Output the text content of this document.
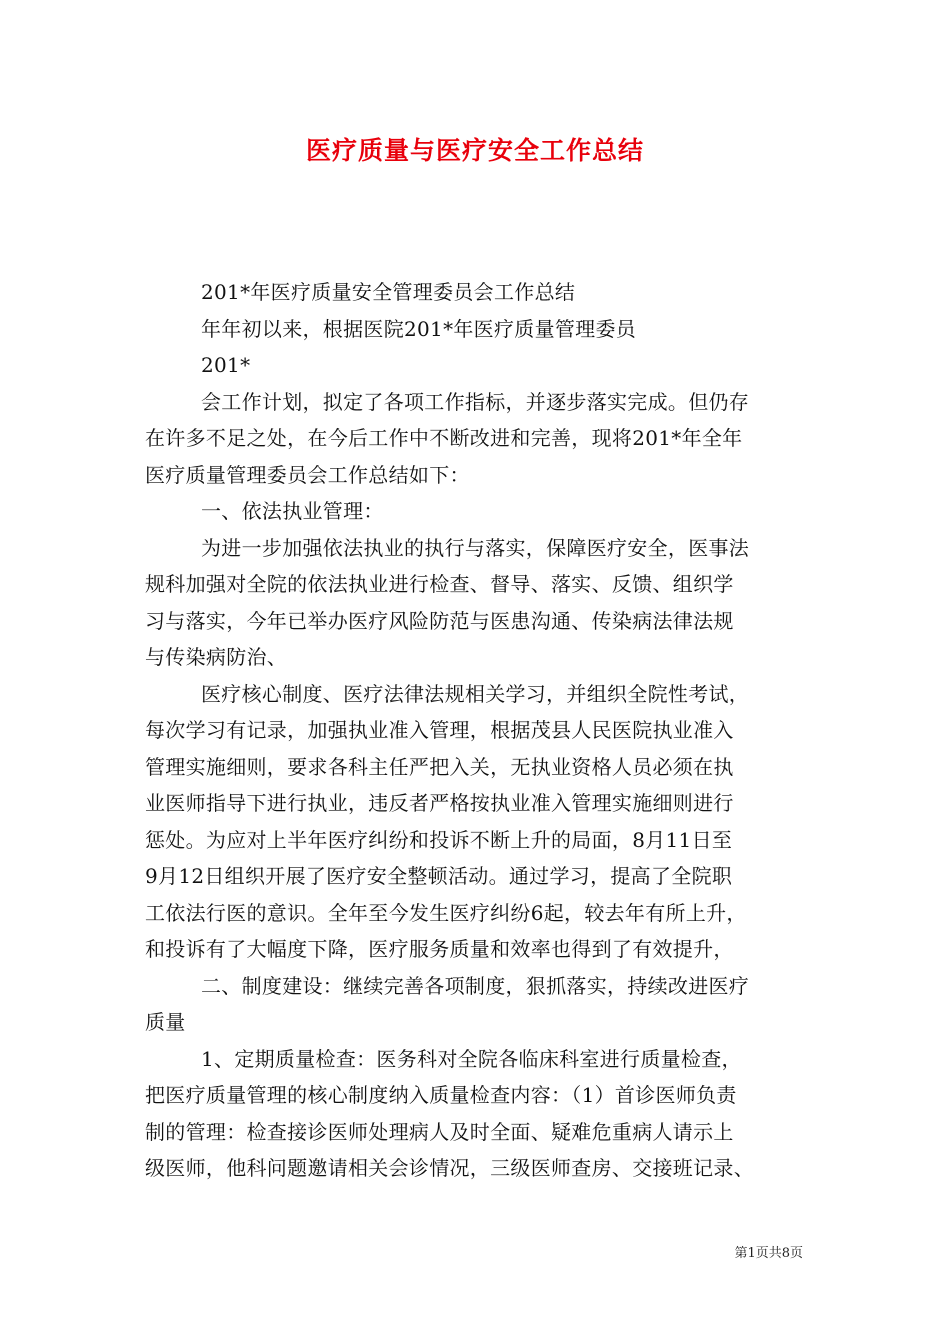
医疗质量与医疗安全工作总结
201*年医疗质量安全管理委员会工作总结
年年初以来，根据医院201*年医疗质量管理委员
201*
会工作计划，拟定了各项工作指标，并逐步落实完成。但仍存
在许多不足之处，在今后工作中不断改进和完善，现将201*年全年
医疗质量管理委员会工作总结如下：
一、依法执业管理：
为进一步加强依法执业的执行与落实，保障医疗安全，医事法
规科加强对全院的依法执业进行检查、督导、落实、反馈、组织学
习与落实，今年已举办医疗风险防范与医患沟通、传染病法律法规
与传染病防治、
医疗核心制度、医疗法律法规相关学习，并组织全院性考试，
每次学习有记录，加强执业准入管理，根据茂县人民医院执业准入
管理实施细则，要求各科主任严把入关，无执业资格人员必须在执
业医师指导下进行执业，违反者严格按执业准入管理实施细则进行
惩处。为应对上半年医疗纠纷和投诉不断上升的局面，8月11日至
9月12日组织开展了医疗安全整顿活动。通过学习，提高了全院职
工依法行医的意识。全年至今发生医疗纠纷6起，较去年有所上升，
和投诉有了大幅度下降，医疗服务质量和效率也得到了有效提升，
二、制度建设：继续完善各项制度，狠抓落实，持续改进医疗
质量
1、定期质量检查：医务科对全院各临床科室进行质量检查，
把医疗质量管理的核心制度纳入质量检查内容：（1）首诊医师负责
制的管理：检查接诊医师处理病人及时全面、疑难危重病人请示上
级医师，他科问题邀请相关会诊情况，三级医师查房、交接班记录、
第1页共8页
